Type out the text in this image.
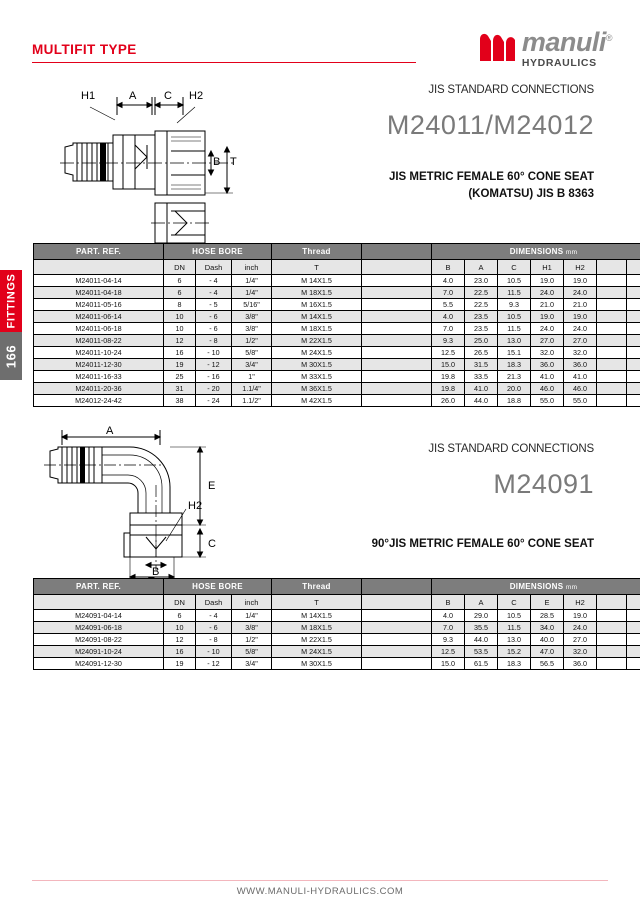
MULTIFIT TYPE	manuli®
HYDRAULICS
FITTINGS
166
JIS STANDARD CONNECTIONS
M24011/M24012
JIS METRIC FEMALE 60° CONE SEAT
(KOMATSU) JIS B 8363
H1	A	C H2
B T
PART. REF.	HOSE BORE			Thread		DIMENSIONS mm						
	DN	Dash	inch	T		B	A	C	H1	H2		
M24011-04-14	6	- 4	1/4"	M 14X1.5		4.0	23.0	10.5	19.0	19.0		
M24011-04-18	6	- 4	1/4"	M 18X1.5		7.0	22.5	11.5	24.0	24.0		
M24011-05-16	8	- 5	5/16"	M 16X1.5		5.5	22.5	9.3	21.0	21.0		
M24011-06-14	10	- 6	3/8"	M 14X1.5		4.0	23.5	10.5	19.0	19.0		
M24011-06-18	10	- 6	3/8"	M 18X1.5		7.0	23.5	11.5	24.0	24.0		
M24011-08-22	12	- 8	1/2"	M 22X1.5		9.3	25.0	13.0	27.0	27.0		
M24011-10-24	16	- 10	5/8"	M 24X1.5		12.5	26.5	15.1	32.0	32.0		
M24011-12-30	19	- 12	3/4"	M 30X1.5		15.0	31.5	18.3	36.0	36.0		
M24011-16-33	25	- 16	1"	M 33X1.5		19.8	33.5	21.3	41.0	41.0		
M24011-20-36	31	- 20	1.1/4"	M 36X1.5		19.8	41.0	20.0	46.0	46.0		
M24012-24-42	38	- 24	1.1/2"	M 42X1.5		26.0	44.0	18.8	55.0	55.0		
JIS STANDARD CONNECTIONS
M24091
90°JIS METRIC FEMALE 60° CONE SEAT
A
E
H2
C
B
PART. REF.	HOSE BORE			Thread		DIMENSIONS mm						
	DN	Dash	inch	T		B	A	C	E	H2		
M24091-04-14	6	- 4	1/4"	M 14X1.5		4.0	29.0	10.5	28.5	19.0		
M24091-06-18	10	- 6	3/8"	M 18X1.5		7.0	35.5	11.5	34.0	24.0		
M24091-08-22	12	- 8	1/2"	M 22X1.5		9.3	44.0	13.0	40.0	27.0		
M24091-10-24	16	- 10	5/8"	M 24X1.5		12.5	53.5	15.2	47.0	32.0		
M24091-12-30	19	- 12	3/4"	M 30X1.5		15.0	61.5	18.3	56.5	36.0		
WWW.MANULI-HYDRAULICS.COM
